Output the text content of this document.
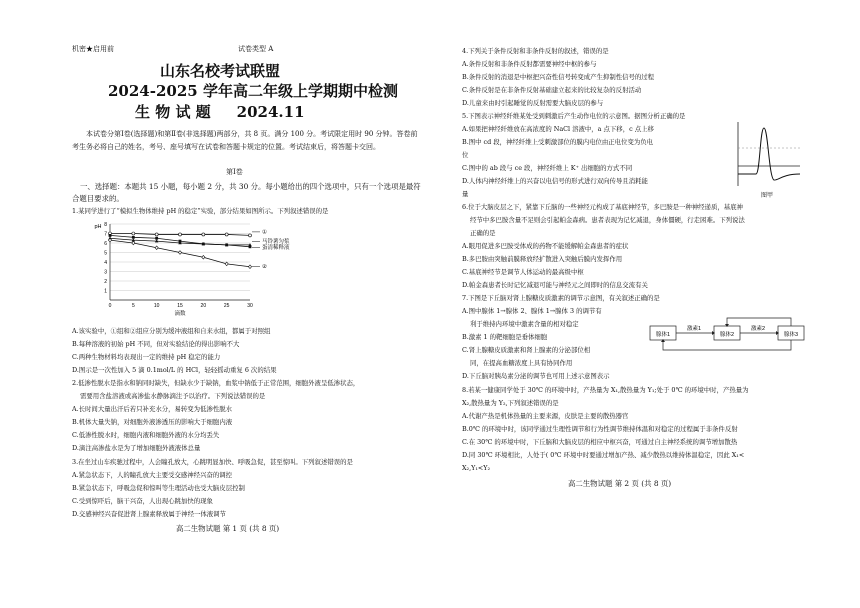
机密★启用前	试卷类型 A
山东名校考试联盟
2024-2025 学年高二年级上学期期中检测
生 物 试 题 2024.11
本试卷分第Ⅰ卷(选择题)和第Ⅱ卷(非选择题)两部分，共 8 页。满分 100 分。考试限定用时 90 分钟。答卷前考生务必将自己的姓名，考号、座号填写在试卷和答题卡规定的位置。考试结束后，将答题卡交回。
第Ⅰ卷
一、选择题：本题共 15 小题，每小题 2 分，共 30 分。每小题给出的四个选项中，只有一个选项是最符合题目要求的。
1.某同学进行了“模拟生物体维持 pH 的稳定”实验，部分结果如图所示。下列叙述错误的是
1
2
3
4
5
6
7
8
0	5	10	15	20	25	30
滴数
pH
①
马铃薯匀浆
蛋清稀释液
②
A.该实验中，①组和②组应分别为缓冲液组和自来水组，都属于对照组
B.每种溶液的初始 pH 不同，但对实验结论的得出影响不大
C.两种生物材料均表现出一定的维持 pH 稳定的能力
D.图示是一次性加入 5 滴 0.1mol/L 的 HCl，轻轻摇动重复 6 次的结果
2.低渗性脱水是指水和钠同时缺失，但缺水少于缺钠，血浆中钠低于正常范围，细胞外液呈低渗状态，
需要用含盐溶液或高渗盐水静脉滴注予以治疗。下列说法错误的是
A.长时间大量出汗后若只补充水分，易转变为低渗性脱水
B.机体大量失钠，对细胞外液渗透压的影响大于细胞内液
C.低渗性脱水时，细胞内液和细胞外液的水分均丢失
D.滴注高渗盐水是为了增加细胞外液液体总量
3.在坐过山车疾驰过程中，人会瞳孔放大，心跳明显加快、呼吸急促，甚至惊叫。下列叙述错误的是
A.紧急状态下，人的瞳孔放大主要受交感神经兴奋的调控
B.紧急状态下，呼吸急促和惊叫等生理活动也受大脑皮层控制
C.受到惊吓后，脑干兴奋，人出现心跳加快的现象
D.交感神经兴奋促进肾上腺素释放属于神经一体液调节
高二生物试题 第 1 页 (共 8 页)
4.下列关于条件反射和非条件反射的叙述，错误的是
A.条件反射和非条件反射都需要神经中枢的参与
B.条件反射的消退是中枢把兴奋性信号转变成产生抑制性信号的过程
C.条件反射是在非条件反射基础建立起来的比较复杂的反射活动
D.儿童来由时引起睡觉的反射需要大脑皮层的参与
5.下图表示神经纤维某处受到刺激后产生动作电位的示意图。据图分析正确的是
A.如果把神经纤维放在高浓度的 NaCl 溶液中，a 点下移，c 点上移
B.图中 cd 段，神经纤维上受刺激部位的膜内电位由正电位变为负电
位
C.图中的 ab 段与 ce 段，神经纤维上 K⁺ 出细胞的方式不同
D.人体内神经纤维上的兴奋以电信号的形式进行双向传导且消耗能
量	图甲
6.位于大脑皮层之下，紧靠下丘脑的一些神经元构成了基底神经节，多巴胺是一种神经递质，基底神
经节中多巴胺含量不足则会引起帕金森病。患者表现为记忆减退，身体僵硬，行走困难。下列说法
正确的是
A.眼用促进多巴胺受体成的药物不能缓解帕金森患者的症状
B.多巴胺由突触前膜释放经扩散进入突触后膜内发挥作用
C.基底神经节是调节人体运动的最高级中枢
D.帕金森患者长时记忆减退可能与神经元之间即时的信息交流有关
7.下图是下丘脑对肾上腺糖皮质激素的调节示意图，有关叙述正确的是
A.图中腺体 1→腺体 2、腺体 1→腺体 3 的调节有
利于维持内环境中激素含量的相对稳定
B.激素 1 的靶细胞是垂体细胞
C.肾上腺糖皮质激素和肾上腺素的分泌部位相
同，在提高血糖浓度上具有协同作用
D.下丘脑对胰岛素分泌的调节也可用上述示意图表示
腺体1
激素1
腺体2
激素2
腺体3
8.若某一健康同学处于 30℃ 的环境中时，产热量为 X₁,散热量为 Y₁;处于 0℃ 的环境中时，产热量为
X₂,散热量为 Y₂,下列叙述错误的是
A.代谢产热是机体热量的主要来源，皮肤是主要的散热器官
B.0℃ 的环境中时，该同学通过生理性调节和行为性调节维持体温和对稳定的过程属于非条件反射
C.在 30℃ 的环境中时，下丘脑和大脑皮层的相应中枢兴奋，可通过自主神经系统的调节增加散热
D.同 30℃ 环境相比，人处于( 0℃ 环境中时要通过增加产热、减少散热以维持体温稳定，因此 X₁<
X₂,Y₁<Y₂
高二生物试题 第 2 页 (共 8 页)
